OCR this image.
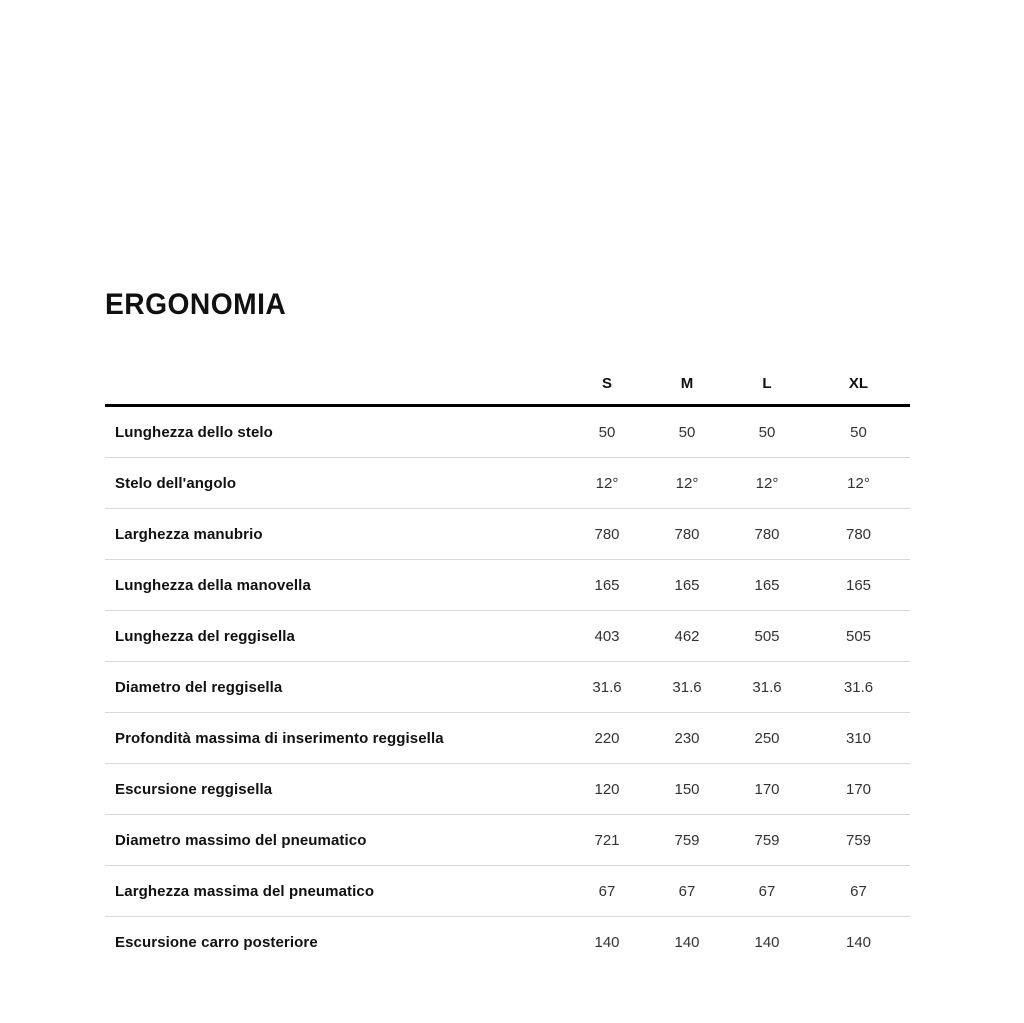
ERGONOMIA
	S	M	L	XL
Lunghezza dello stelo	50	50	50	50
Stelo dell'angolo	12°	12°	12°	12°
Larghezza manubrio	780	780	780	780
Lunghezza della manovella	165	165	165	165
Lunghezza del reggisella	403	462	505	505
Diametro del reggisella	31.6	31.6	31.6	31.6
Profondità massima di inserimento reggisella	220	230	250	310
Escursione reggisella	120	150	170	170
Diametro massimo del pneumatico	721	759	759	759
Larghezza massima del pneumatico	67	67	67	67
Escursione carro posteriore	140	140	140	140
